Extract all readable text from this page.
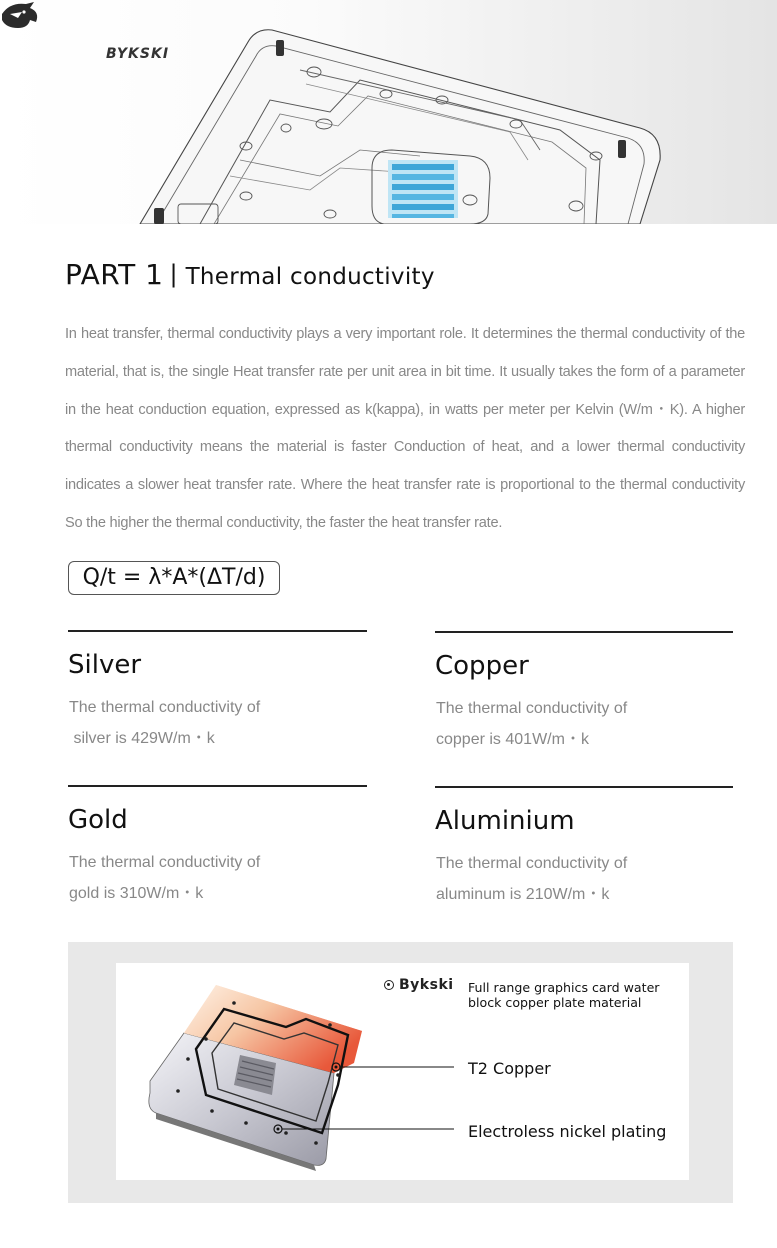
BYKSKI
PART 1 | Thermal conductivity

In heat transfer, thermal conductivity plays a very important role. It determines the thermal conductivity of the material, that is, the single Heat transfer rate per unit area in bit time. It usually takes the form of a parameter in the heat conduction equation, expressed as k(kappa), in watts per meter per Kelvin (W/m・K). A higher thermal conductivity means the material is faster Conduction of heat, and a lower thermal conductivity indicates a slower heat transfer rate. Where the heat transfer rate is proportional to the thermal conductivity So the higher the thermal conductivity, the faster the heat transfer rate.

Q/t = λ*A*(ΔT/d)
Silver
The thermal conductivity of
silver is 429W/m・k
Copper
The thermal conductivity of
copper is 401W/m・k
Gold
The thermal conductivity of
gold is 310W/m・k
Aluminium
The thermal conductivity of
aluminum is 210W/m・k
Bykski Full range graphics card water block copper plate material
T2 Copper
Electroless nickel plating
